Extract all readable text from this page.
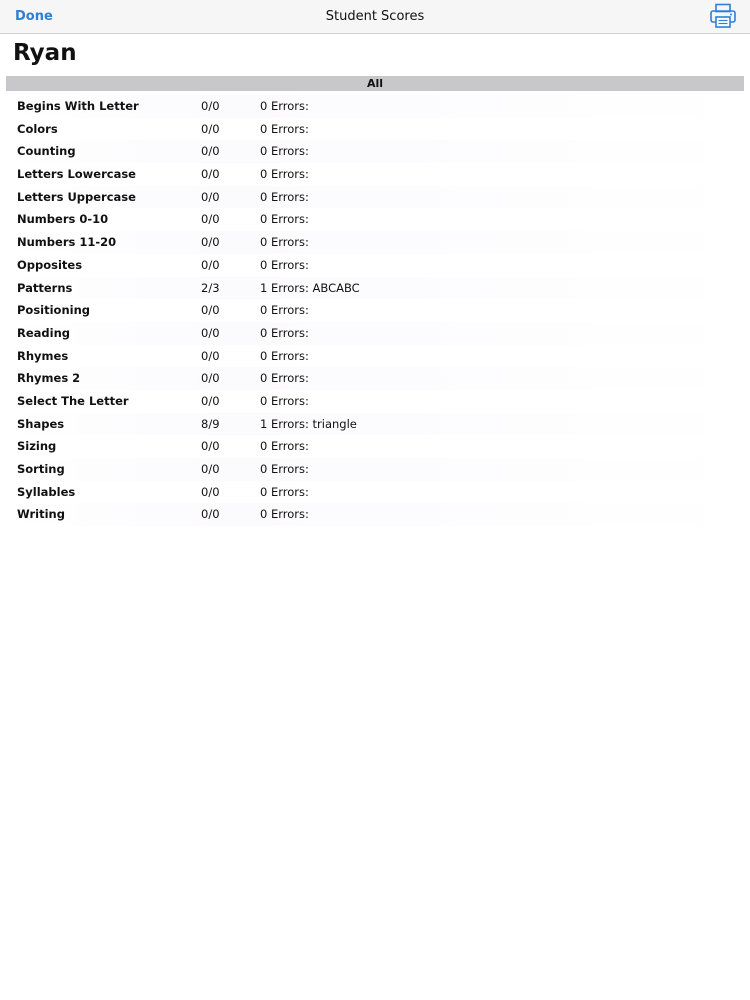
Done	Student Scores
Ryan
All
Begins With Letter	0/0	0 Errors:
Colors	0/0	0 Errors:
Counting	0/0	0 Errors:
Letters Lowercase	0/0	0 Errors:
Letters Uppercase	0/0	0 Errors:
Numbers 0-10	0/0	0 Errors:
Numbers 11-20	0/0	0 Errors:
Opposites	0/0	0 Errors:
Patterns	2/3	1 Errors: ABCABC
Positioning	0/0	0 Errors:
Reading	0/0	0 Errors:
Rhymes	0/0	0 Errors:
Rhymes 2	0/0	0 Errors:
Select The Letter	0/0	0 Errors:
Shapes	8/9	1 Errors: triangle
Sizing	0/0	0 Errors:
Sorting	0/0	0 Errors:
Syllables	0/0	0 Errors:
Writing	0/0	0 Errors:
